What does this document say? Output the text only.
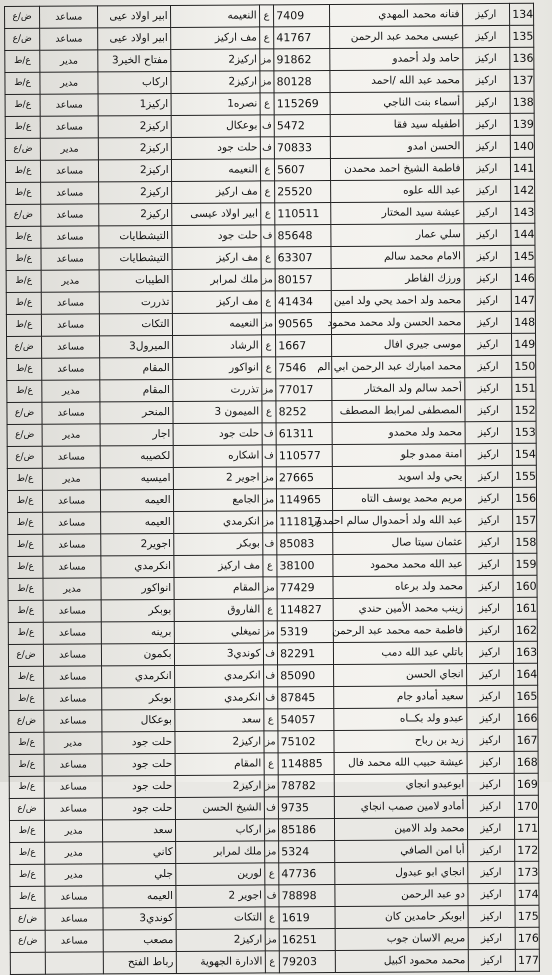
ض/ع	مساعد	ابير اولاد عيى	النعيمه	ع	7409	فنانه محمد المهدي	اركيز	134
ض/ع	مساعد	ابير اولاد عيى	مف اركيز	ع	41767	عيسى محمد عبد الرحمن	اركيز	135
ع/ط	مدير	مفتاح الخير3	اركيز2	مز	91862	حامد ولد أحمدو	اركيز	136
ع/ط	مدير	اركاب	اركيز2	مز	80128	محمد عبد الله /احمد	اركيز	137
ع/ط	مساعد	اركيز1	نصره1	ع	115269	أسماء بنت الناجي	اركيز	138
ع/ط	مساعد	اركيز2	بوعكال	ف	5472	اطفيله سيد فقا	اركيز	139
ض/ع	مدير	اركيز2	حلت جود	ف	70833	الحسن امدو	اركيز	140
ع/ط	مساعد	اركيز2	النعيمه	ع	5607	فاطمة الشيخ احمد محمدن	اركيز	141
ع/ط	مساعد	اركيز2	مف اركيز	ع	25520	عبد الله علوه	اركيز	142
ض/ع	مساعد	اركيز2	ابير اولاد عيسى	ع	110511	عيشة سيد المختار	اركيز	143
ع/ط	مساعد	التيشطايات	حلت جود	ف	85648	سلي عمار	اركيز	144
ع/ط	مساعد	التيشطايات	مف اركيز	ع	63307	الامام محمد سالم	اركيز	145
ع/ط	مدير	الطيبات	ملك لمرابر	مز	80157	ورزك الفاطر	اركيز	146
ع/ط	مساعد	تذررت	مف اركيز	ع	41434	محمد ولد احمد يحي ولد امين	اركيز	147
ع/ط	مساعد	التكات	النعيمه	مز	90565	محمد الحسن ولد محمد محمود	اركيز	148
ض/ع	مساعد	الميرول3	الرشاد	ع	1667	موسى جيري افال	اركيز	149
ع/ط	مساعد	المقام	انواكور	ع	7546	محمد امبارك عبد الرحمن ابي الم	اركيز	150
ع/ط	مدير	المقام	تذررت	مز	77017	أحمد سالم ولد المختار	اركيز	151
ض/ع	مساعد	المنحر	الميمون 3	ع	8252	المصطفى لمرابط المصطف	اركيز	152
ض/ع	مدير	اجار	حلت جود	ف	61311	محمد ولد محمدو	اركيز	153
ض/ع	مساعد	لكصيبه	اشكاره	ف	110577	امنة ممدو جلو	اركيز	154
ع/ط	مدير	اميسيه	اجوير 2	مز	27665	يحي ولد اسويد	اركيز	155
ع/ط	مساعد	العيمه	الجامع	مز	114965	مريم محمد يوسف التاه	اركيز	156
ع/ط	مساعد	العيمه	انكرمدي	مز	111817	عبد الله ولد أحمدوال سالم احمدور	اركيز	157
ع/ط	مساعد	اجوير2	بوبكر	ف	85083	عثمان سيتا صال	اركيز	158
ع/ط	مساعد	انكرمدي	مف اركيز	ع	38100	عبد الله محمد محمود	اركيز	159
ع/ط	مدير	انواكور	المقام	مز	77429	محمد ولد برعاه	اركيز	160
ع/ط	مساعد	بوبكر	الفاروق	ع	114827	زينب محمد الأمين حندي	اركيز	161
ع/ط	مساعد	برينه	تميغلي	مز	5319	فاطمة حمه محمد عبد الرحمن	اركيز	162
ض/ع	مساعد	بكمون	كوندي3	ف	82291	باتلي عبد الله دمب	اركيز	163
ع/ط	مساعد	انكرمدي	انكرمدي	ف	85090	انجاي الحسن	اركيز	164
ع/ط	مساعد	بوبكر	انكرمدي	ف	87845	سعيد أمادو جام	اركيز	165
ض/ع	مساعد	بوعكال	سعد	ع	54057	عبدو ولد بكــاه	اركيز	166
ع/ط	مدير	حلت جود	اركيز2	مز	75102	زيد بن رباح	اركيز	167
ع/ط	مساعد	حلت جود	المقام	ع	114885	عيشة حبيب الله محمد فال	اركيز	168
ع/ط	مساعد	حلت جود	اركيز2	مز	78782	ابوعبدو انجاي	اركيز	169
ض/ع	مساعد	حلت جود	الشيخ الحسن	ف	9735	أمادو لامين صمب انجاي	اركيز	170
ع/ط	مدير	سعد	اركاب	مز	85186	محمد ولد الامين	اركيز	171
ع/ط	مدير	كاني	ملك لمرابر	مز	5324	أبا امن الصافي	اركيز	172
ع/ط	مدير	جلي	لورين	ع	47736	انجاي ابو عبدول	اركيز	173
ع/ط	مساعد	العيمه	اجوير 2	ف	78898	دو عبد الرحمن	اركيز	174
ض/ع	مساعد	كوندي3	التكات	ع	1619	ابوبكر حامدين كان	اركيز	175
ض/ع	مساعد	مصعب	اركيز2	مز	16251	مريم الاسان جوب	اركيز	176
		رباط الفتح	الادارة الجهوية	ع	79203	محمد محمود اكبيل	اركيز	177
